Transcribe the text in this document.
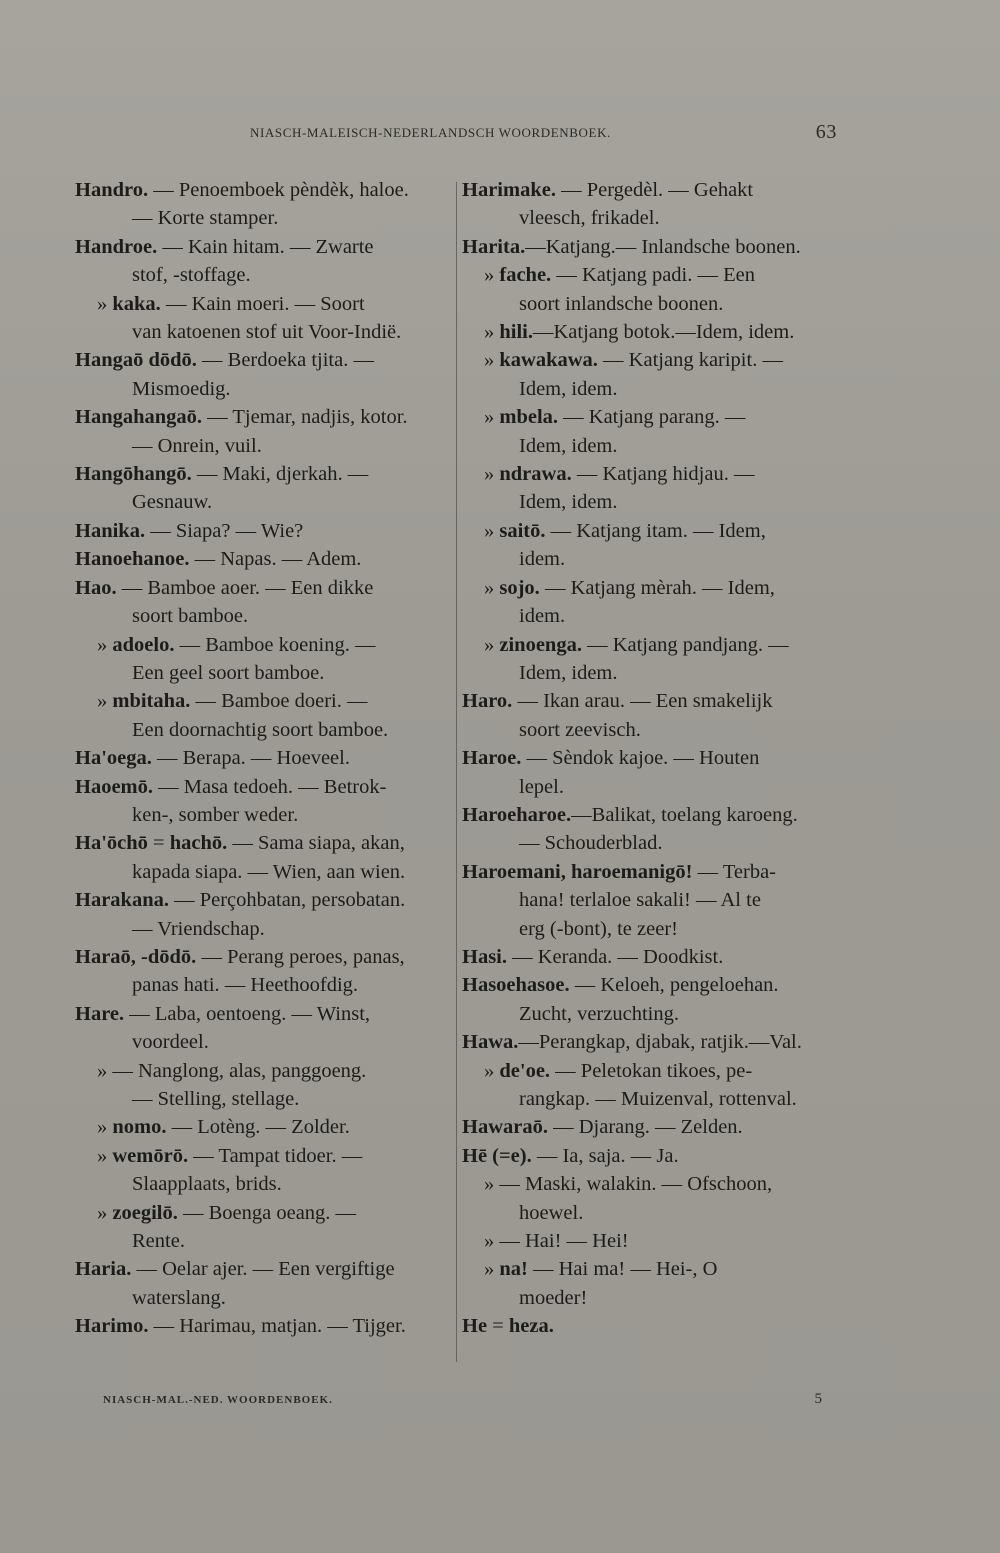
NIASCH-MALEISCH-NEDERLANDSCH WOORDENBOEK.	63
Handro. — Penoemboek pèndèk, haloe.
— Korte stamper.
Handroe. — Kain hitam. — Zwarte
stof, -stoffage.
» kaka. — Kain moeri. — Soort
van katoenen stof uit Voor-Indië.
Hangaō dōdō. — Berdoeka tjita. —
Mismoedig.
Hangahangaō. — Tjemar, nadjis, kotor.
— Onrein, vuil.
Hangōhangō. — Maki, djerkah. —
Gesnauw.
Hanika. — Siapa? — Wie?
Hanoehanoe. — Napas. — Adem.
Hao. — Bamboe aoer. — Een dikke
soort bamboe.
» adoelo. — Bamboe koening. —
Een geel soort bamboe.
» mbitaha. — Bamboe doeri. —
Een doornachtig soort bamboe.
Ha'oega. — Berapa. — Hoeveel.
Haoemō. — Masa tedoeh. — Betrok-
ken-, somber weder.
Ha'ōchō = hachō. — Sama siapa, akan,
kapada siapa. — Wien, aan wien.
Harakana. — Perçohbatan, persobatan.
— Vriendschap.
Haraō, -dōdō. — Perang peroes, panas,
panas hati. — Heethoofdig.
Hare. — Laba, oentoeng. — Winst,
voordeel.
» — Nanglong, alas, panggoeng.
— Stelling, stellage.
» nomo. — Lotèng. — Zolder.
» wemōrō. — Tampat tidoer. —
Slaapplaats, brids.
» zoegilō. — Boenga oeang. —
Rente.
Haria. — Oelar ajer. — Een vergiftige
waterslang.
Harimo. — Harimau, matjan. — Tijger.
Harimake. — Pergedèl. — Gehakt
vleesch, frikadel.
Harita.—Katjang.— Inlandsche boonen.
» fache. — Katjang padi. — Een
soort inlandsche boonen.
» hili.—Katjang botok.—Idem, idem.
» kawakawa. — Katjang karipit. —
Idem, idem.
» mbela. — Katjang parang. —
Idem, idem.
» ndrawa. — Katjang hidjau. —
Idem, idem.
» saitō. — Katjang itam. — Idem,
idem.
» sojo. — Katjang mèrah. — Idem,
idem.
» zinoenga. — Katjang pandjang. —
Idem, idem.
Haro. — Ikan arau. — Een smakelijk
soort zeevisch.
Haroe. — Sèndok kajoe. — Houten
lepel.
Haroeharoe.—Balikat, toelang karoeng.
— Schouderblad.
Haroemani, haroemanigō! — Terba-
hana! terlaloe sakali! — Al te
erg (-bont), te zeer!
Hasi. — Keranda. — Doodkist.
Hasoehasoe. — Keloeh, pengeloehan.
Zucht, verzuchting.
Hawa.—Perangkap, djabak, ratjik.—Val.
» de'oe. — Peletokan tikoes, pe-
rangkap. — Muizenval, rottenval.
Hawaraō. — Djarang. — Zelden.
Hē (=e). — Ia, saja. — Ja.
» — Maski, walakin. — Ofschoon,
hoewel.
» — Hai! — Hei!
» na! — Hai ma! — Hei-, O
moeder!
He = heza.
NIASCH-MAL.-NED. WOORDENBOEK.	5
